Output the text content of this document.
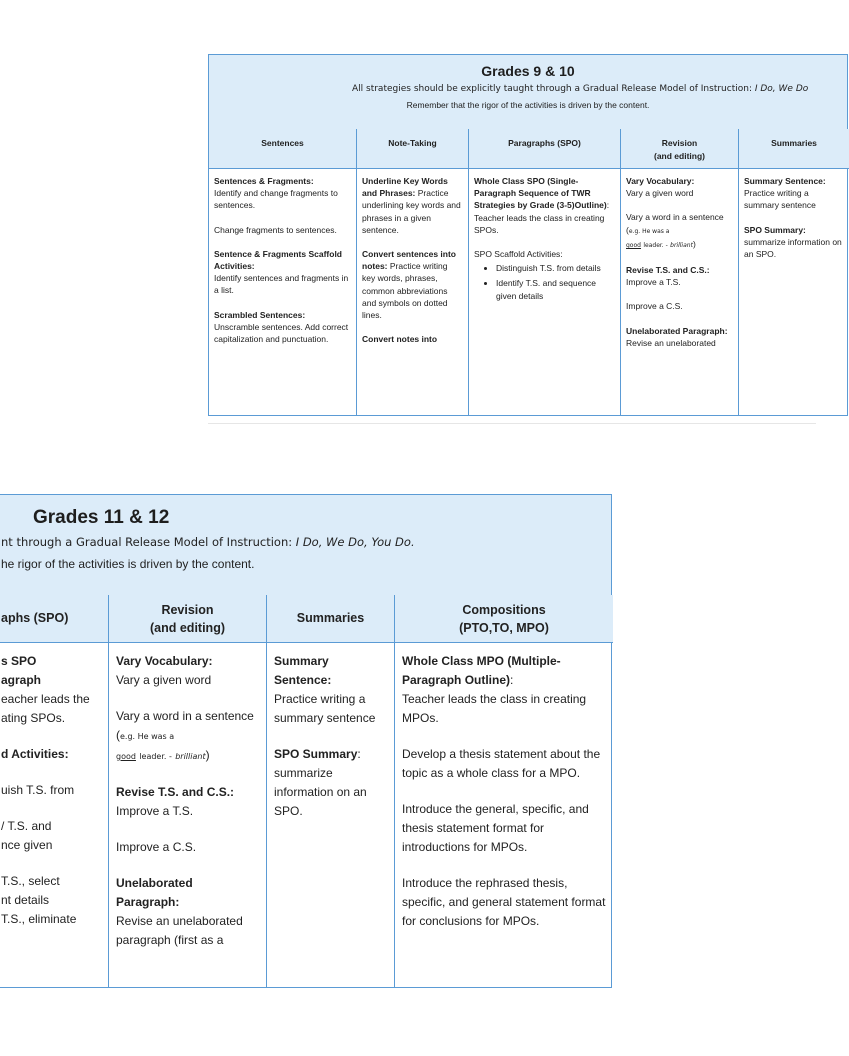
Grades 9 & 10
All strategies should be explicitly taught through a Gradual Release Model of Instruction: I Do, We Do
Remember that the rigor of the activities is driven by the content.
Sentences

Sentences & Fragments:

Identify and change fragments to sentences.

Change fragments to sentences.

Sentence & Fragments Scaffold Activities:

Identify sentences and fragments in a list.

Scrambled Sentences:

Unscramble sentences. Add correct capitalization and punctuation.

Note-Taking

Underline Key Words and Phrases: Practice underlining key words and phrases in a given sentence.

Convert sentences into notes: Practice writing key words, phrases, common abbreviations and symbols on dotted lines.

Convert notes into

Paragraphs (SPO)

Whole Class SPO (Single-Paragraph Sequence of TWR Strategies by Grade (3-5)Outline): Teacher leads the class in creating SPOs.

SPO Scaffold Activities:

• Distinguish T.S. from details
• Identify T.S. and sequence given details
Revision
(and editing)

Vary Vocabulary:

Vary a given word

Vary a word in a sentence (e.g. He was a
good leader. - brilliant)

Revise T.S. and C.S.:

Improve a T.S.

Improve a C.S.

Unelaborated Paragraph:

Revise an unelaborated

Summaries

Summary Sentence:

Practice writing a summary sentence

SPO Summary:

summarize information on an SPO.

Grades 11 & 12
nt through a Gradual Release Model of Instruction: I Do, We Do, You Do.
he rigor of the activities is driven by the content.
aphs (SPO)

s SPO

agraph

eacher leads the

ating SPOs.

d Activities:

uish T.S. from

/ T.S. and

nce given

T.S., select

nt details

T.S., eliminate

Revision
(and editing)

Vary Vocabulary:

Vary a given word

Vary a word in a sentence (e.g. He was a
good leader. - brilliant)

Revise T.S. and C.S.:

Improve a T.S.

Improve a C.S.

Unelaborated Paragraph:

Revise an unelaborated paragraph (first as a

Summaries

Summary Sentence:

Practice writing a summary sentence

SPO Summary:

summarize information on an SPO.

Compositions
(PTO,TO, MPO)

Whole Class MPO (Multiple-Paragraph Outline):

Teacher leads the class in creating MPOs.

Develop a thesis statement about the topic as a whole class for a MPO.

Introduce the general, specific, and thesis statement format for introductions for MPOs.

Introduce the rephrased thesis, specific, and general statement format for conclusions for MPOs.
